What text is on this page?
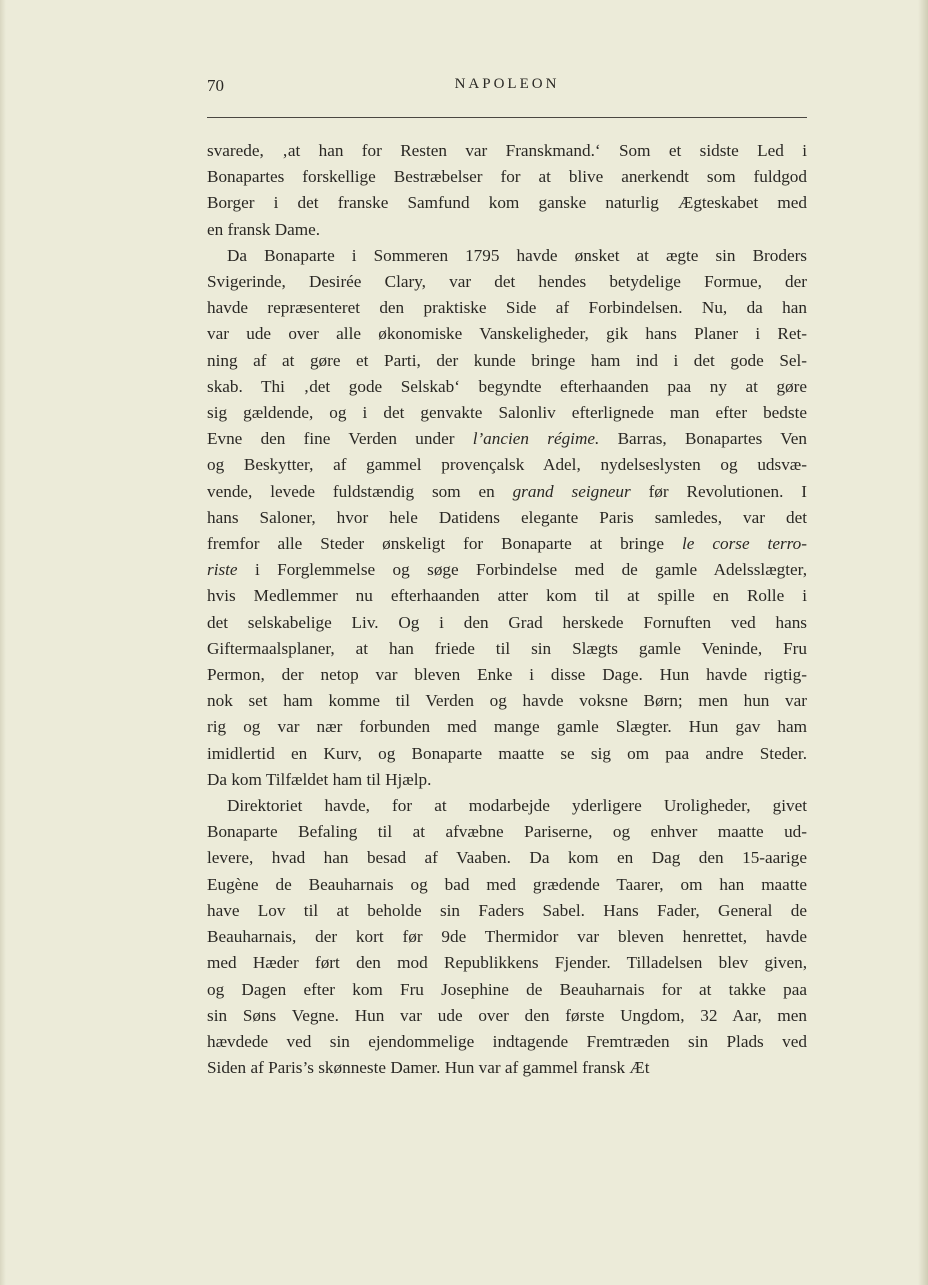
70	NAPOLEON
svarede, ‚at han for Resten var Franskmand.‘ Som et sidste Led i
Bonapartes forskellige Bestræbelser for at blive anerkendt som fuldgod
Borger i det franske Samfund kom ganske naturlig Ægteskabet med
en fransk Dame.
Da Bonaparte i Sommeren 1795 havde ønsket at ægte sin Broders
Svigerinde, Desirée Clary, var det hendes betydelige Formue, der
havde repræsenteret den praktiske Side af Forbindelsen. Nu, da han
var ude over alle økonomiske Vanskeligheder, gik hans Planer i Ret-
ning af at gøre et Parti, der kunde bringe ham ind i det gode Sel-
skab. Thi ‚det gode Selskab‘ begyndte efterhaanden paa ny at gøre
sig gældende, og i det genvakte Salonliv efterlignede man efter bedste
Evne den fine Verden under l’ancien régime. Barras, Bonapartes Ven
og Beskytter, af gammel provençalsk Adel, nydelseslysten og udsvæ-
vende, levede fuldstændig som en grand seigneur før Revolutionen. I
hans Saloner, hvor hele Datidens elegante Paris samledes, var det
fremfor alle Steder ønskeligt for Bonaparte at bringe le corse terro-
riste i Forglemmelse og søge Forbindelse med de gamle Adelsslægter,
hvis Medlemmer nu efterhaanden atter kom til at spille en Rolle i
det selskabelige Liv. Og i den Grad herskede Fornuften ved hans
Giftermaalsplaner, at han friede til sin Slægts gamle Veninde, Fru
Permon, der netop var bleven Enke i disse Dage. Hun havde rigtig-
nok set ham komme til Verden og havde voksne Børn; men hun var
rig og var nær forbunden med mange gamle Slægter. Hun gav ham
imidlertid en Kurv, og Bonaparte maatte se sig om paa andre Steder.
Da kom Tilfældet ham til Hjælp.
Direktoriet havde, for at modarbejde yderligere Uroligheder, givet
Bonaparte Befaling til at afvæbne Pariserne, og enhver maatte ud-
levere, hvad han besad af Vaaben. Da kom en Dag den 15-aarige
Eugène de Beauharnais og bad med grædende Taarer, om han maatte
have Lov til at beholde sin Faders Sabel. Hans Fader, General de
Beauharnais, der kort før 9de Thermidor var bleven henrettet, havde
med Hæder ført den mod Republikkens Fjender. Tilladelsen blev given,
og Dagen efter kom Fru Josephine de Beauharnais for at takke paa
sin Søns Vegne. Hun var ude over den første Ungdom, 32 Aar, men
hævdede ved sin ejendommelige indtagende Fremtræden sin Plads ved
Siden af Paris’s skønneste Damer. Hun var af gammel fransk Æt
